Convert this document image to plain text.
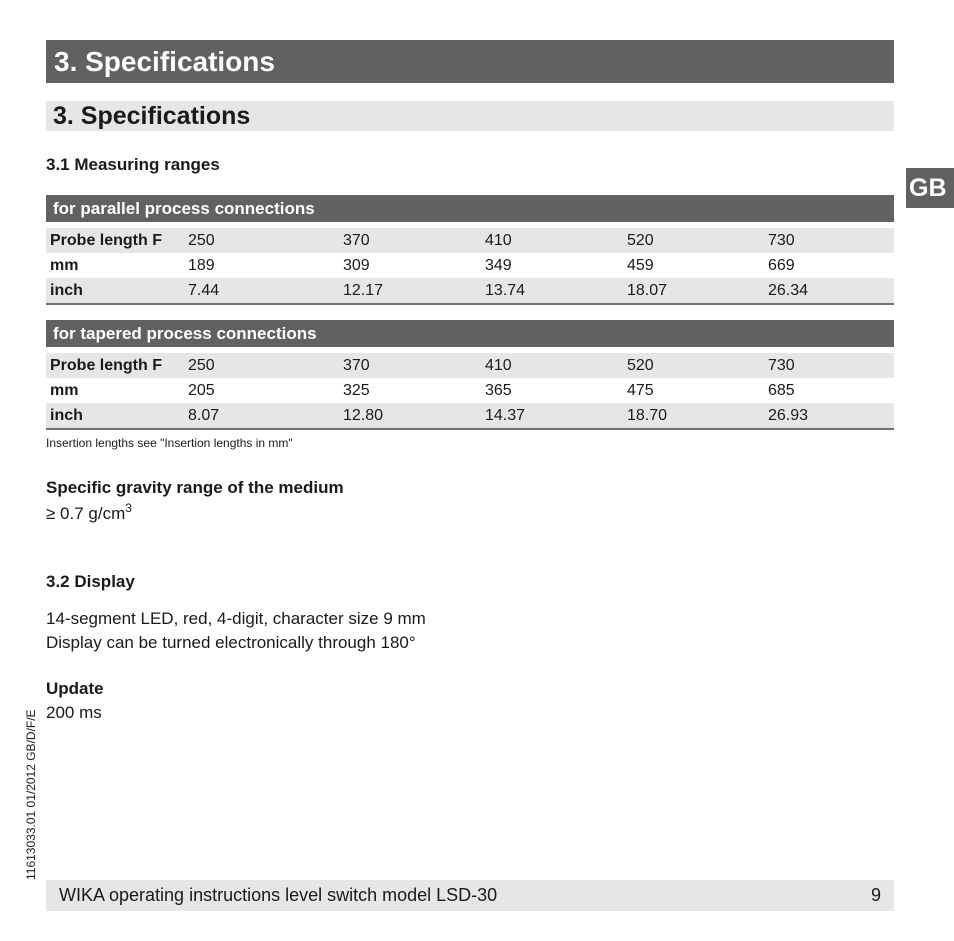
3. Specifications
3. Specifications
GB
3.1 Measuring ranges
for parallel process connections
Probe length F	250	370	410	520	730
mm	189	309	349	459	669
inch	7.44	12.17	13.74	18.07	26.34
for tapered process connections
Probe length F	250	370	410	520	730
mm	205	325	365	475	685
inch	8.07	12.80	14.37	18.70	26.93
Insertion lengths see "Insertion lengths in mm"
Specific gravity range of the medium
≥ 0.7 $g/cm^3$
3.2 Display
14-segment LED, red, 4-digit, character size 9 mm
Display can be turned electronically through 180°
Update
200 ms
11613033.01 01/2012 GB/D/F/E
WIKA operating instructions level switch model LSD-30	9
